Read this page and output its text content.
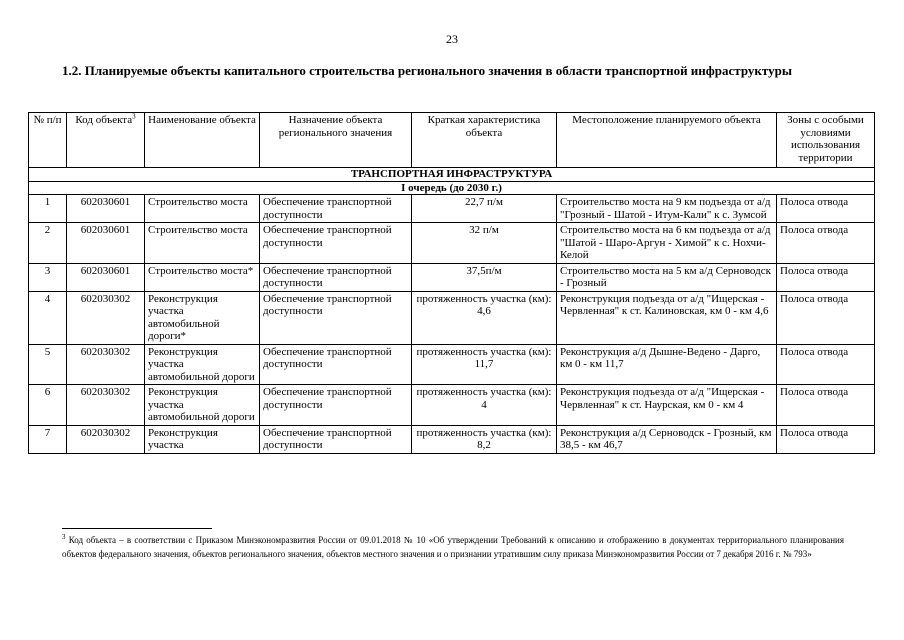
23
1.2. Планируемые объекты капитального строительства регионального значения в области транспортной инфраструктуры
№ п/п	Код объекта$^3$	Наименование объекта	Назначение объекта регионального значения	Краткая характеристика объекта	Местоположение планируемого объекта	Зоны с особыми условиями использования территории
ТРАНСПОРТНАЯ ИНФРАСТРУКТУРА						
I очередь (до 2030 г.)						
1	602030601	Строительство моста	Обеспечение транспортной доступности	22,7 п/м	Строительство моста на 9 км подъезда от а/д "Грозный - Шатой - Итум-Кали" к с. Зумсой	Полоса отвода
2	602030601	Строительство моста	Обеспечение транспортной доступности	32 п/м	Строительство моста на 6 км подъезда от а/д "Шатой - Шаро-Аргун - Химой" к с. Нохчи-Келой	Полоса отвода
3	602030601	Строительство моста*	Обеспечение транспортной доступности	37,5п/м	Строительство моста на 5 км а/д Серноводск - Грозный	Полоса отвода
4	602030302	Реконструкция участка автомобильной дороги*	Обеспечение транспортной доступности	протяженность участка (км): 4,6	Реконструкция подъезда от а/д "Ищерская - Червленная" к ст. Калиновская, км 0 - км 4,6	Полоса отвода
5	602030302	Реконструкция участка автомобильной дороги	Обеспечение транспортной доступности	протяженность участка (км): 11,7	Реконструкция а/д Дышне-Ведено - Дарго, км 0 - км 11,7	Полоса отвода
6	602030302	Реконструкция участка автомобильной дороги	Обеспечение транспортной доступности	протяженность участка (км): 4	Реконструкция подъезда от а/д "Ищерская - Червленная" к ст. Наурская, км 0 - км 4	Полоса отвода
7	602030302	Реконструкция участка	Обеспечение транспортной доступности	протяженность участка (км): 8,2	Реконструкция а/д Серноводск - Грозный, км 38,5 - км 46,7	Полоса отвода
$^3$ Код объекта – в соответствии с Приказом Минэкономразвития России от 09.01.2018 № 10 «Об утверждении Требований к описанию и отображению в документах территориального планирования объектов федерального значения, объектов регионального значения, объектов местного значения и о признании утратившим силу приказа Минэкономразвития России от 7 декабря 2016 г. № 793»
